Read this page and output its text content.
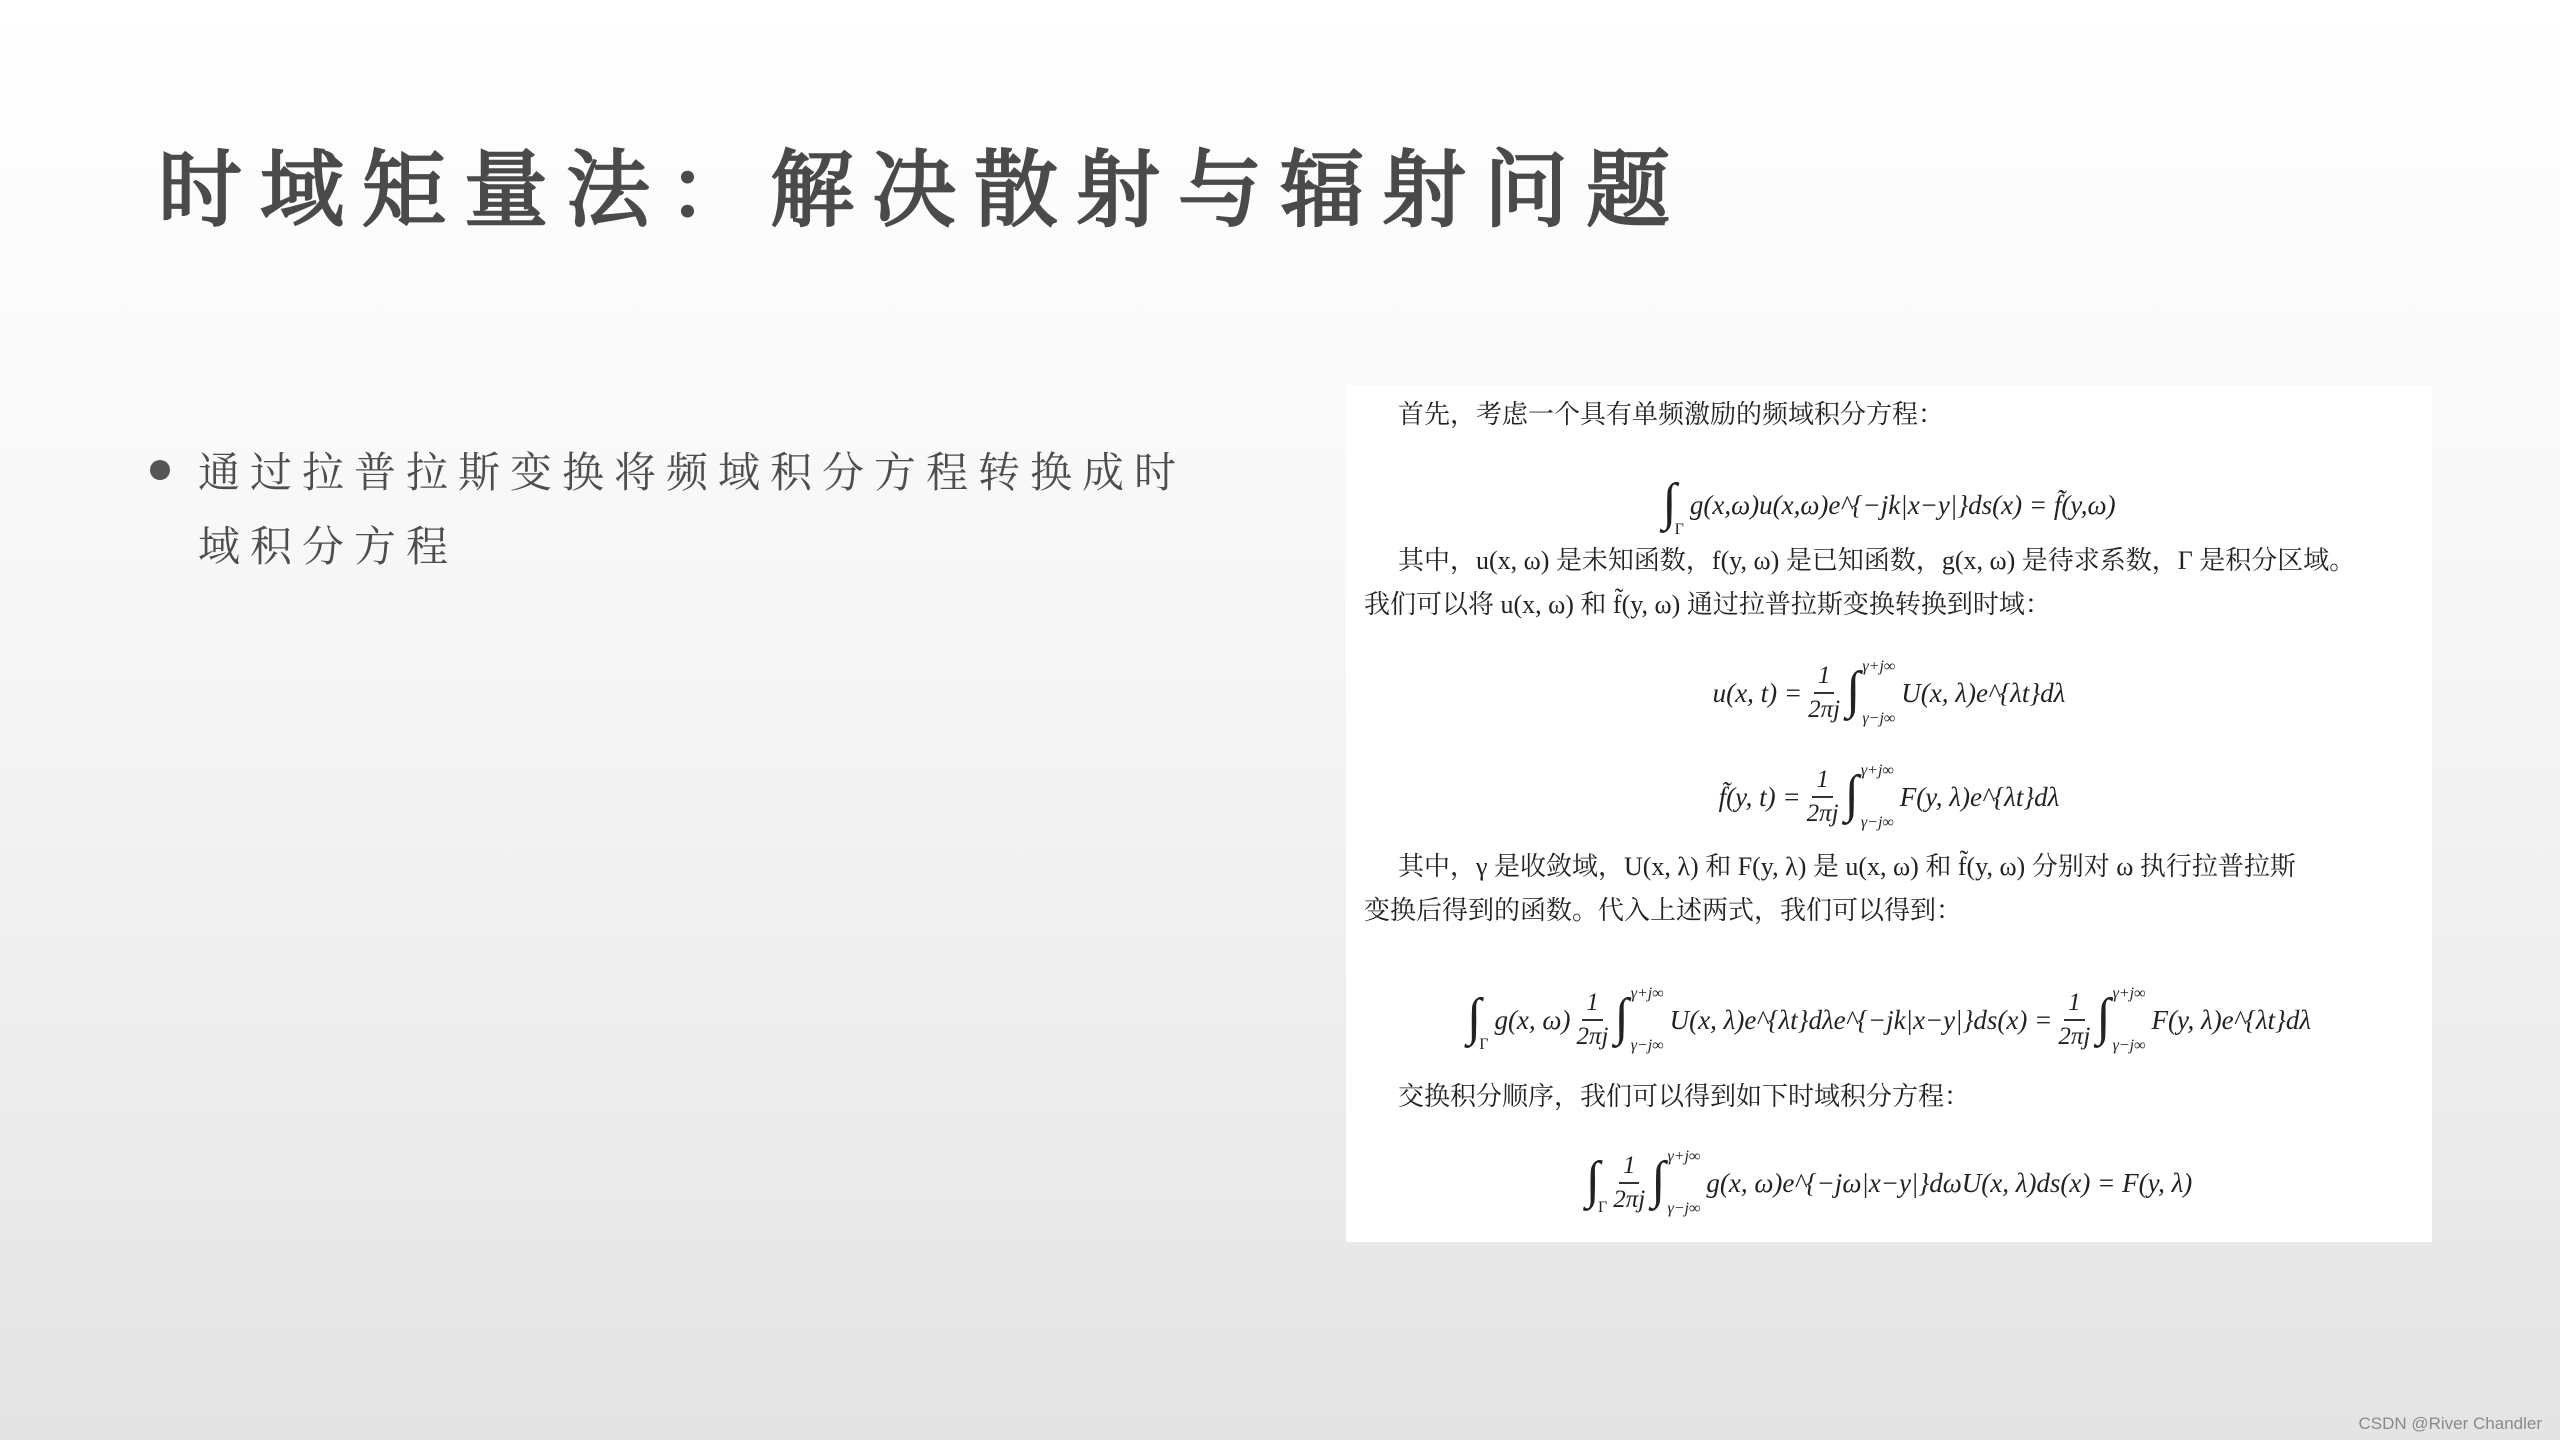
时域矩量法：解决散射与辐射问题

通过拉普拉斯变换将频域积分方程转换成时域积分方程

首先，考虑一个具有单频激励的频域积分方程：

∫
Γ
g(x,ω)u(x,ω)e^{−jk|x−y|}ds(x) = f̃(y,ω)

其中，u(x, ω) 是未知函数，f(y, ω) 是已知函数，g(x, ω) 是待求系数，Γ 是积分区域。

我们可以将 u(x, ω) 和 f̃(y, ω) 通过拉普拉斯变换转换到时域：

u(x, $t) = \frac{1}{2\pi j}$ ∫ γ+j∞
γ−j∞
U(x, λ)e^{λt}dλ
f̃(y, $t) = \frac{1}{2\pi j}$ ∫ γ+j∞
γ−j∞
F(y, λ)e^{λt}dλ

其中，γ 是收敛域，U(x, λ) 和 F(y, λ) 是 u(x, ω) 和 f̃(y, ω) 分别对 ω 执行拉普拉斯

变换后得到的函数。代入上述两式，我们可以得到：

∫
Γ
g(x, $\omega) \frac{1}{2\pi j}$ ∫ γ+j∞
γ−j∞
U(x, λ)e^{λt}dλe^{−jk|x−y|}ds(x) = $\frac{1}{2\pi j}$ ∫ γ+j∞
γ−j∞
F(y, λ)e^{λt}dλ

交换积分顺序，我们可以得到如下时域积分方程：

∫
Γ $\frac{1}{2\pi j}$ ∫ γ+j∞
γ−j∞
g(x, ω)e^{−jω|x−y|}dωU(x, λ)ds(x) = F(y, λ)
CSDN @River Chandler
